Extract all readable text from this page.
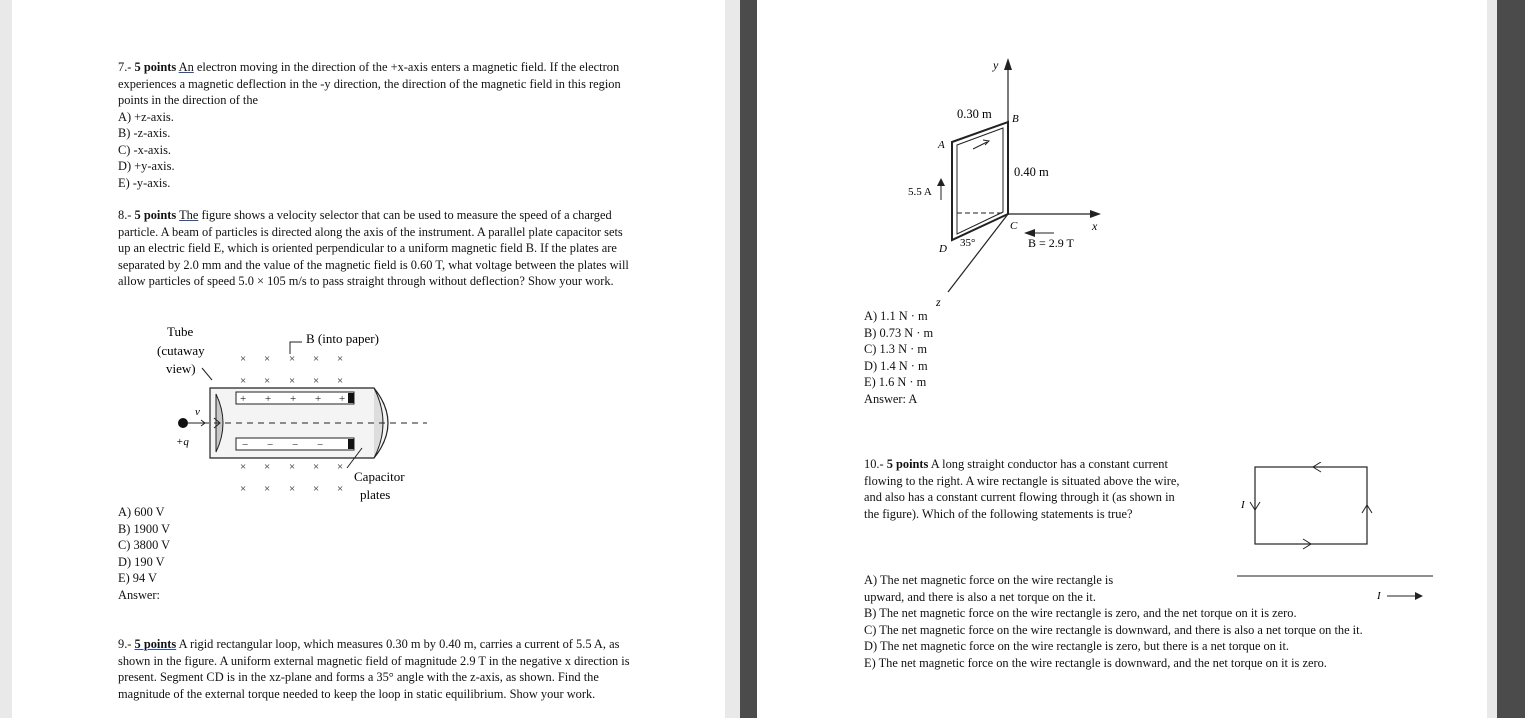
7.- 5 points An electron moving in the direction of the +x-axis enters a magnetic field. If the electron experiences a magnetic deflection in the -y direction, the direction of the magnetic field in this region points in the direction of the

A) +z-axis.

B) -z-axis.

C) -x-axis.

D) +y-axis.

E) -y-axis.

8.- 5 points The figure shows a velocity selector that can be used to measure the speed of a charged particle. A beam of particles is directed along the axis of the instrument. A parallel plate capacitor sets up an electric field E, which is oriented perpendicular to a uniform magnetic field B. If the plates are separated by 2.0 mm and the value of the magnetic field is 0.60 T, what voltage between the plates will allow particles of speed 5.0 × 105 m/s to pass straight through without deflection? Show your work.

Tube
(cutaway
view)
B (into paper)
× × × × ×
× × × × ×
× × × × ×
× × × × ×
+ + + + +
− − − −
v
+q
Capacitor
plates

A) 600 V

B) 1900 V

C) 3800 V

D) 190 V

E) 94 V

Answer:

9.- 5 points A rigid rectangular loop, which measures 0.30 m by 0.40 m, carries a current of 5.5 A, as shown in the figure. A uniform external magnetic field of magnitude 2.9 T in the negative x direction is present. Segment CD is in the xz-plane and forms a 35° angle with the z-axis, as shown. Find the magnitude of the external torque needed to keep the loop in static equilibrium. Show your work.

y
x
z
5.5 A
0.30 m
0.40 m
A
B
C
D 35°	B = 2.9 T

A) 1.1 N · m

B) 0.73 N · m

C) 1.3 N · m

D) 1.4 N · m

E) 1.6 N · m

Answer: A

10.- 5 points A long straight conductor has a constant current flowing to the right. A wire rectangle is situated above the wire, and also has a constant current flowing through it (as shown in the figure). Which of the following statements is true?

I
I

A) The net magnetic force on the wire rectangle is upward, and there is also a net torque on the it.

B) The net magnetic force on the wire rectangle is zero, and the net torque on it is zero.

C) The net magnetic force on the wire rectangle is downward, and there is also a net torque on the it.

D) The net magnetic force on the wire rectangle is zero, but there is a net torque on it.

E) The net magnetic force on the wire rectangle is downward, and the net torque on it is zero.
